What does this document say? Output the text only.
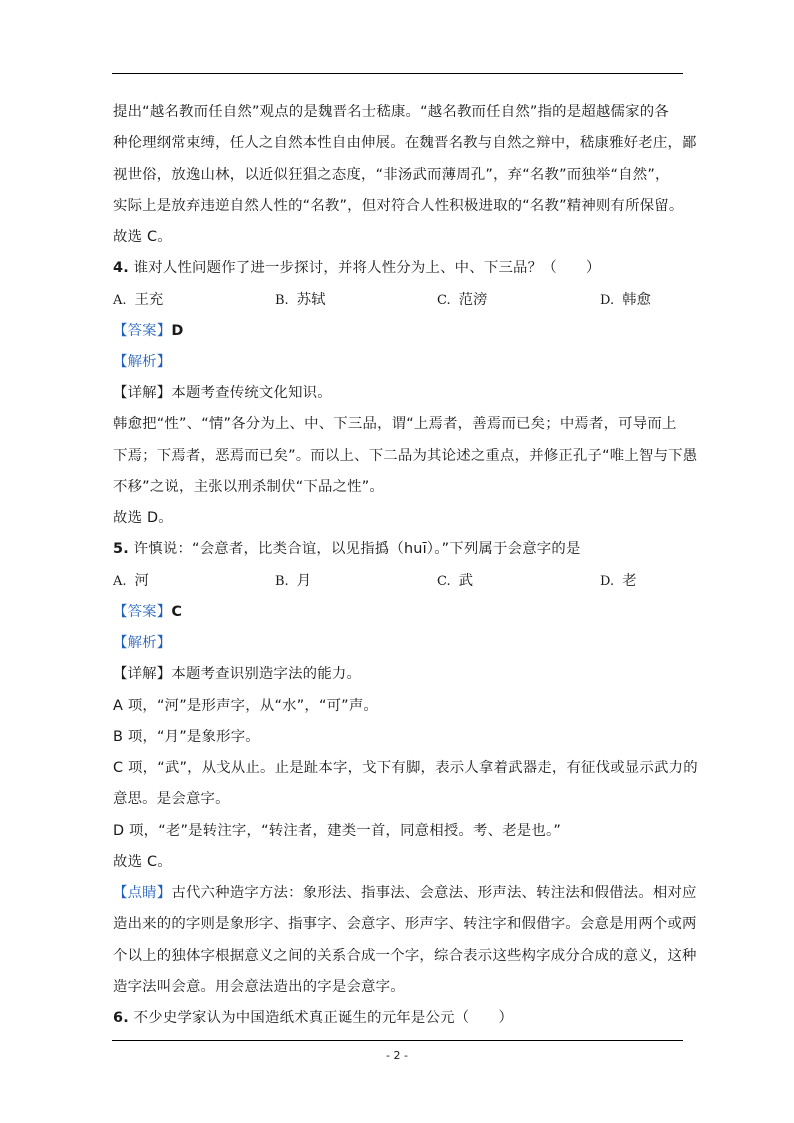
提出“越名教而任自然”观点的是魏晋名士嵇康。“越名教而任自然”指的是超越儒家的各
种伦理纲常束缚，任人之自然本性自由伸展。在魏晋名教与自然之辩中，嵇康雅好老庄，鄙
视世俗，放逸山林，以近似狂猖之态度，“非汤武而薄周孔”，弃“名教”而独举“自然”，
实际上是放弃违逆自然人性的“名教”，但对符合人性积极进取的“名教”精神则有所保留。
故选 C。
4. 谁对人性问题作了进一步探讨，并将人性分为上、中、下三品？（　　）
A. 王充	B. 苏轼	C. 范滂	D. 韩愈
【答案】D
【解析】
【详解】本题考查传统文化知识。
韩愈把“性”、“情”各分为上、中、下三品，谓“上焉者，善焉而已矣；中焉者，可导而上
下焉；下焉者，恶焉而已矣”。而以上、下二品为其论述之重点，并修正孔子“唯上智与下愚
不移”之说，主张以刑杀制伏“下品之性”。
故选 D。
5. 许慎说：“会意者，比类合谊，以见指撝（huī）。”下列属于会意字的是
A. 河	B. 月	C. 武	D. 老
【答案】C
【解析】
【详解】本题考查识别造字法的能力。
A 项，“河”是形声字，从“水”，“可”声。
B 项，“月”是象形字。
C 项，“武”，从戈从止。止是趾本字，戈下有脚，表示人拿着武器走，有征伐或显示武力的
意思。是会意字。
D 项，“老”是转注字，“转注者，建类一首，同意相授。考、老是也。”
故选 C。
【点睛】古代六种造字方法：象形法、指事法、会意法、形声法、转注法和假借法。相对应
造出来的的字则是象形字、指事字、会意字、形声字、转注字和假借字。会意是用两个或两
个以上的独体字根据意义之间的关系合成一个字，综合表示这些构字成分合成的意义，这种
造字法叫会意。用会意法造出的字是会意字。
6. 不少史学家认为中国造纸术真正诞生的元年是公元（　　）
- 2 -
